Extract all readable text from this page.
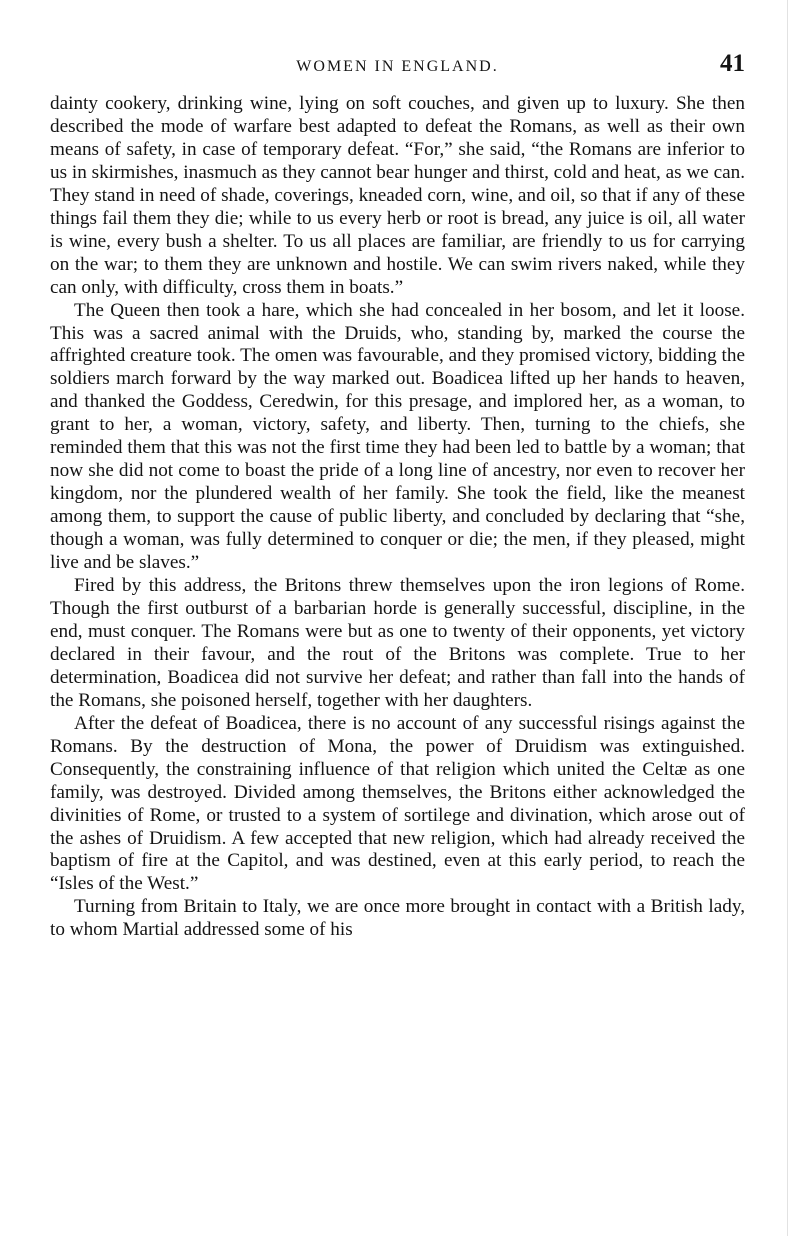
WOMEN IN ENGLAND.	41

dainty cookery, drinking wine, lying on soft couches, and given up to luxury. She then described the mode of warfare best adapted to defeat the Romans, as well as their own means of safety, in case of temporary defeat. “For,” she said, “the Romans are inferior to us in skirmishes, inasmuch as they cannot bear hunger and thirst, cold and heat, as we can. They stand in need of shade, coverings, kneaded corn, wine, and oil, so that if any of these things fail them they die; while to us every herb or root is bread, any juice is oil, all water is wine, every bush a shelter. To us all places are familiar, are friendly to us for carrying on the war; to them they are unknown and hostile. We can swim rivers naked, while they can only, with difficulty, cross them in boats.”

The Queen then took a hare, which she had concealed in her bosom, and let it loose. This was a sacred animal with the Druids, who, standing by, marked the course the affrighted creature took. The omen was favourable, and they promised victory, bidding the soldiers march forward by the way marked out. Boadicea lifted up her hands to heaven, and thanked the Goddess, Ceredwin, for this presage, and implored her, as a woman, to grant to her, a woman, victory, safety, and liberty. Then, turning to the chiefs, she reminded them that this was not the first time they had been led to battle by a woman; that now she did not come to boast the pride of a long line of ancestry, nor even to recover her kingdom, nor the plundered wealth of her family. She took the field, like the meanest among them, to support the cause of public liberty, and concluded by declaring that “she, though a woman, was fully determined to conquer or die; the men, if they pleased, might live and be slaves.”

Fired by this address, the Britons threw themselves upon the iron legions of Rome. Though the first outburst of a barbarian horde is generally successful, discipline, in the end, must conquer. The Romans were but as one to twenty of their opponents, yet victory declared in their favour, and the rout of the Britons was complete. True to her determination, Boadicea did not survive her defeat; and rather than fall into the hands of the Romans, she poisoned herself, together with her daughters.

After the defeat of Boadicea, there is no account of any successful risings against the Romans. By the destruction of Mona, the power of Druidism was extinguished. Consequently, the constraining influence of that religion which united the Celtæ as one family, was destroyed. Divided among themselves, the Britons either acknowledged the divinities of Rome, or trusted to a system of sortilege and divination, which arose out of the ashes of Druidism. A few accepted that new religion, which had already received the baptism of fire at the Capitol, and was destined, even at this early period, to reach the “Isles of the West.”

Turning from Britain to Italy, we are once more brought in contact with a British lady, to whom Martial addressed some of his
